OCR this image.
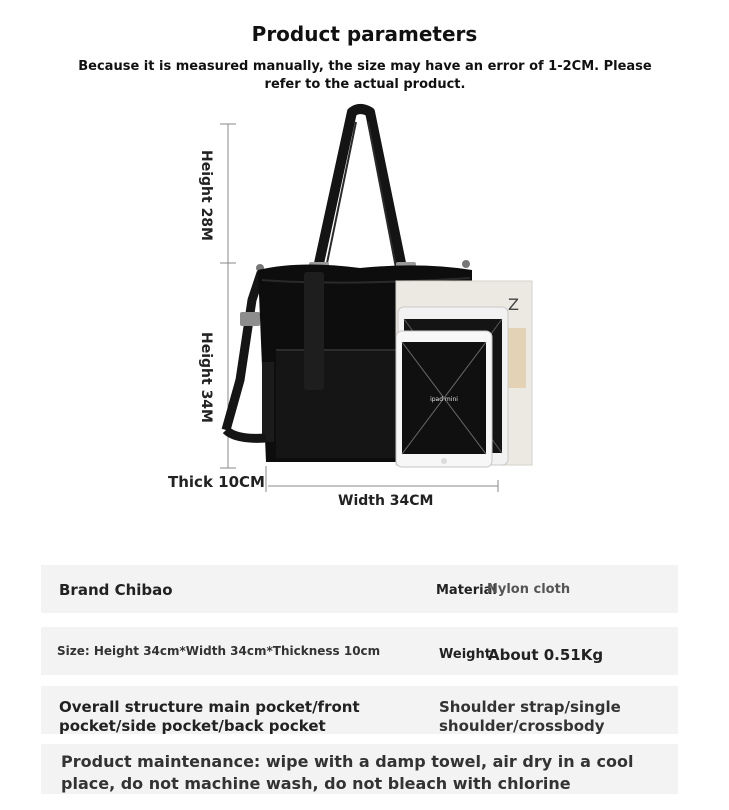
Product parameters
Because it is measured manually, the size may have an error of 1-2CM. Please refer to the actual product.
Z
ipad mini
Height 28M
Height 34M
Thick 10CM
Width 34CM
Brand Chibao	Material
Nylon cloth
Size: Height 34cm*Width 34cm*Thickness 10cm	Weight
About 0.51Kg
Overall structure main pocket/front pocket/side pocket/back pocket
Shoulder strap/single shoulder/crossbody
Product maintenance: wipe with a damp towel, air dry in a cool place, do not machine wash, do not bleach with chlorine
